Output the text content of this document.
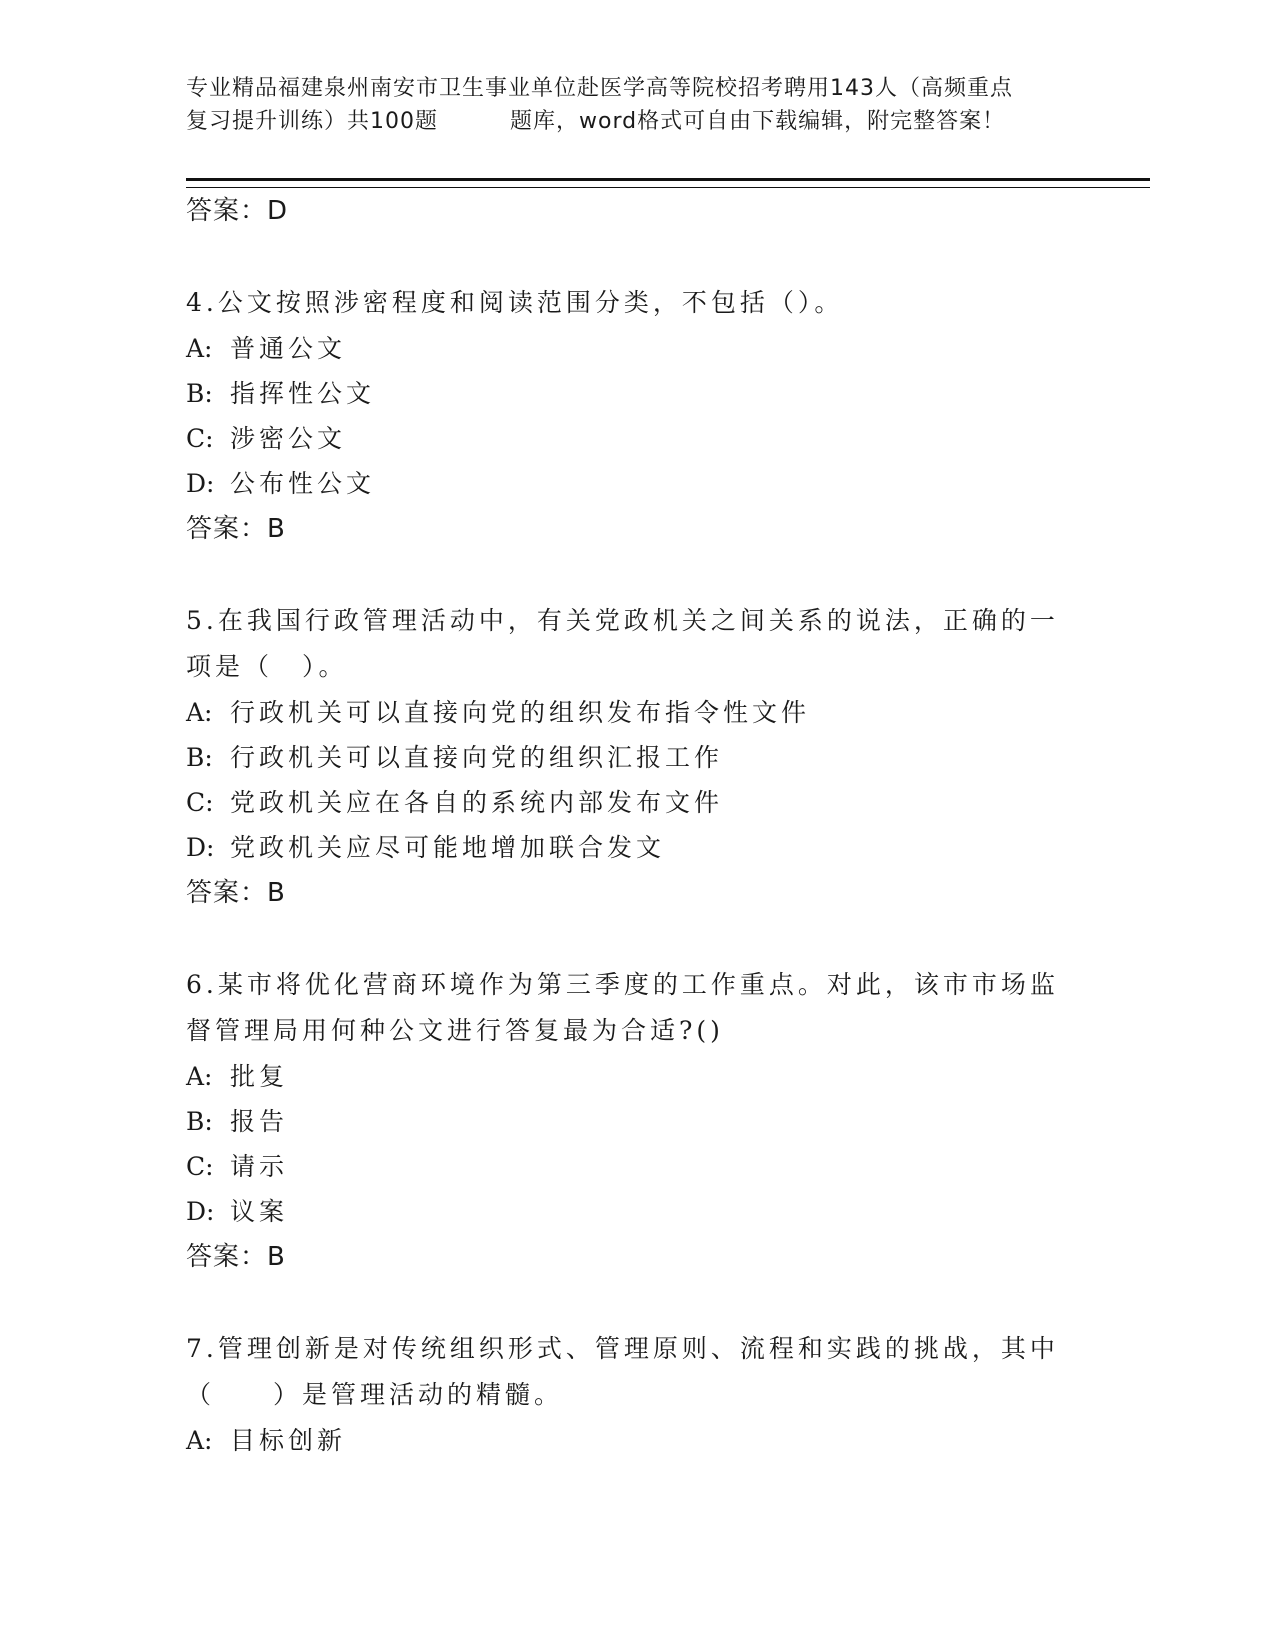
专业精品福建泉州南安市卫生事业单位赴医学高等院校招考聘用143人（高频重点
复习提升训练）共100题	题库，word格式可自由下载编辑，附完整答案！
答案：D
4.公文按照涉密程度和阅读范围分类，不包括（）。
A: 普通公文
B: 指挥性公文
C: 涉密公文
D: 公布性公文
答案：B
5.在我国行政管理活动中，有关党政机关之间关系的说法，正确的一项是（　）。
A: 行政机关可以直接向党的组织发布指令性文件
B: 行政机关可以直接向党的组织汇报工作
C: 党政机关应在各自的系统内部发布文件
D: 党政机关应尽可能地增加联合发文
答案：B
6.某市将优化营商环境作为第三季度的工作重点。对此，该市市场监督管理局用何种公文进行答复最为合适?()
A: 批复
B: 报告
C: 请示
D: 议案
答案：B
7.管理创新是对传统组织形式、管理原则、流程和实践的挑战，其中（　　）是管理活动的精髓。
A: 目标创新
